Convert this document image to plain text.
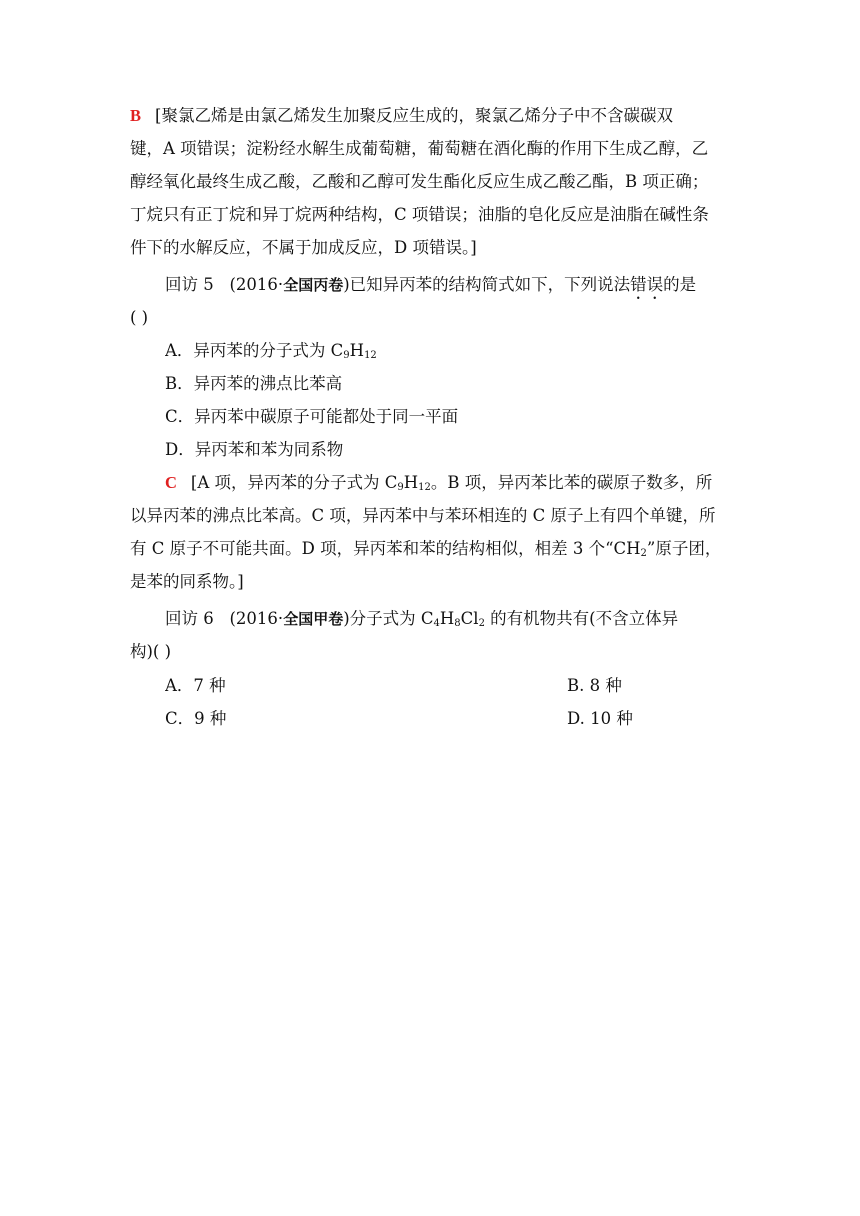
B [聚氯乙烯是由氯乙烯发生加聚反应生成的，聚氯乙烯分子中不含碳碳双
键，A 项错误；淀粉经水解生成葡萄糖，葡萄糖在酒化酶的作用下生成乙醇，乙
醇经氧化最终生成乙酸，乙酸和乙醇可发生酯化反应生成乙酸乙酯，B 项正确；
丁烷只有正丁烷和异丁烷两种结构，C 项错误；油脂的皂化反应是油脂在碱性条
件下的水解反应，不属于加成反应，D 项错误。]
回访 5 (2016·全国丙卷)已知异丙苯的结构简式如下，下列说法错误的是
( )
A．异丙苯的分子式为 $C_9H_{12}$
B．异丙苯的沸点比苯高
C．异丙苯中碳原子可能都处于同一平面
D．异丙苯和苯为同系物
C [A 项，异丙苯的分子式为 $C_9H_{12}$。B 项，异丙苯比苯的碳原子数多，所
以异丙苯的沸点比苯高。C 项，异丙苯中与苯环相连的 C 原子上有四个单键，所
有 C 原子不可能共面。D 项，异丙苯和苯的结构相似，相差 3 个“$CH_2$”原子团，
是苯的同系物。]
回访 6 (2016·全国甲卷)分子式为 $C_4H_8Cl_2$ 的有机物共有(不含立体异
构)( )
A．7 种	B. 8 种
C．9 种	D. 10 种
